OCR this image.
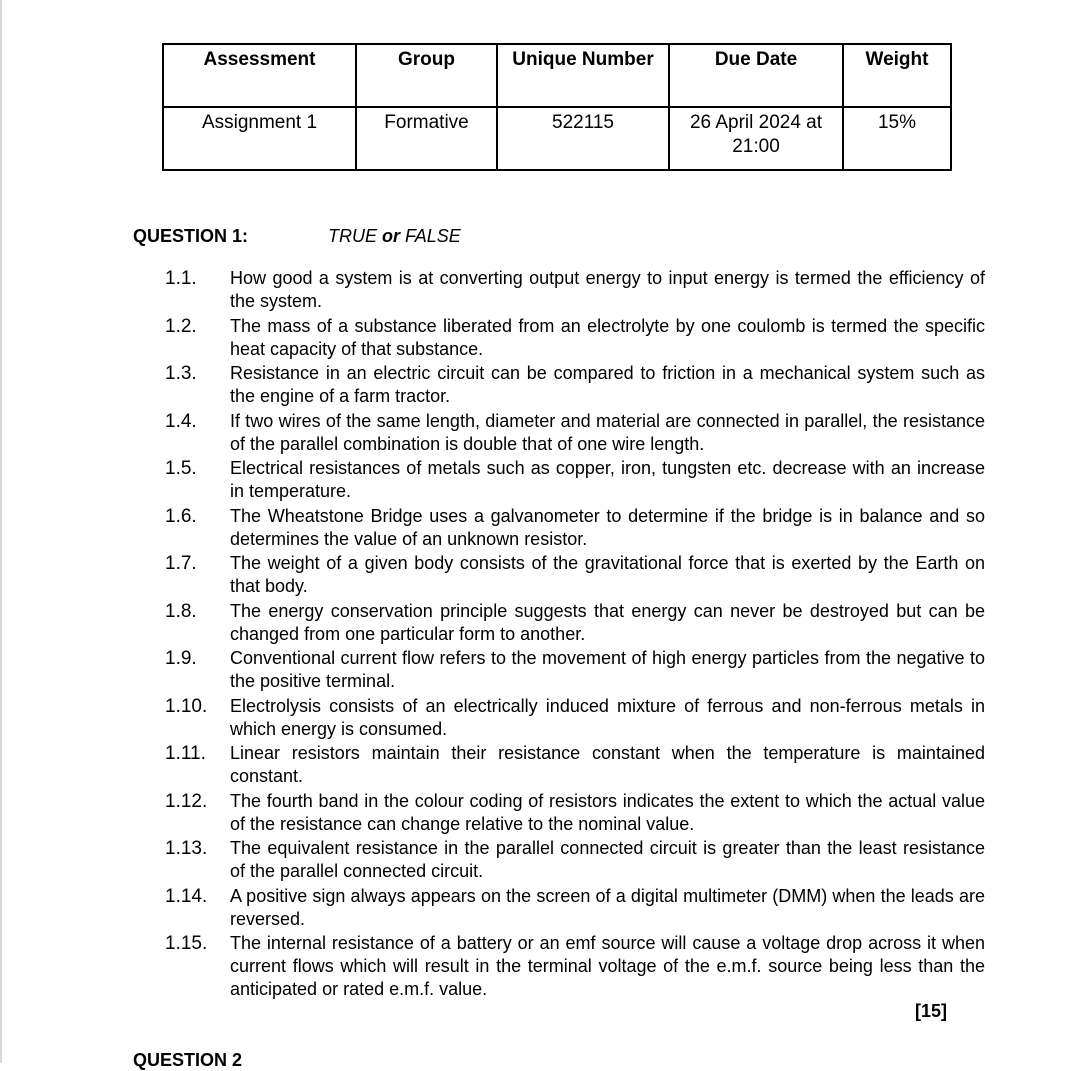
Assessment	Group	Unique Number	Due Date	Weight
Assignment 1	Formative	522115	26 April 2024 at 21:00	15%
QUESTION 1:	TRUE or FALSE
1.1.	How good a system is at converting output energy to input energy is termed the efficiency of the system.
1.2.	The mass of a substance liberated from an electrolyte by one coulomb is termed the specific heat capacity of that substance.
1.3.	Resistance in an electric circuit can be compared to friction in a mechanical system such as the engine of a farm tractor.
1.4.	If two wires of the same length, diameter and material are connected in parallel, the resistance of the parallel combination is double that of one wire length.
1.5.	Electrical resistances of metals such as copper, iron, tungsten etc. decrease with an increase in temperature.
1.6.	The Wheatstone Bridge uses a galvanometer to determine if the bridge is in balance and so determines the value of an unknown resistor.
1.7.	The weight of a given body consists of the gravitational force that is exerted by the Earth on that body.
1.8.	The energy conservation principle suggests that energy can never be destroyed but can be changed from one particular form to another.
1.9.	Conventional current flow refers to the movement of high energy particles from the negative to the positive terminal.
1.10.	Electrolysis consists of an electrically induced mixture of ferrous and non-ferrous metals in which energy is consumed.
1.11.	Linear resistors maintain their resistance constant when the temperature is maintained constant.
1.12.	The fourth band in the colour coding of resistors indicates the extent to which the actual value of the resistance can change relative to the nominal value.
1.13.	The equivalent resistance in the parallel connected circuit is greater than the least resistance of the parallel connected circuit.
1.14.	A positive sign always appears on the screen of a digital multimeter (DMM) when the leads are reversed.
1.15.	The internal resistance of a battery or an emf source will cause a voltage drop across it when current flows which will result in the terminal voltage of the e.m.f. source being less than the anticipated or rated e.m.f. value.
[15]
QUESTION 2
